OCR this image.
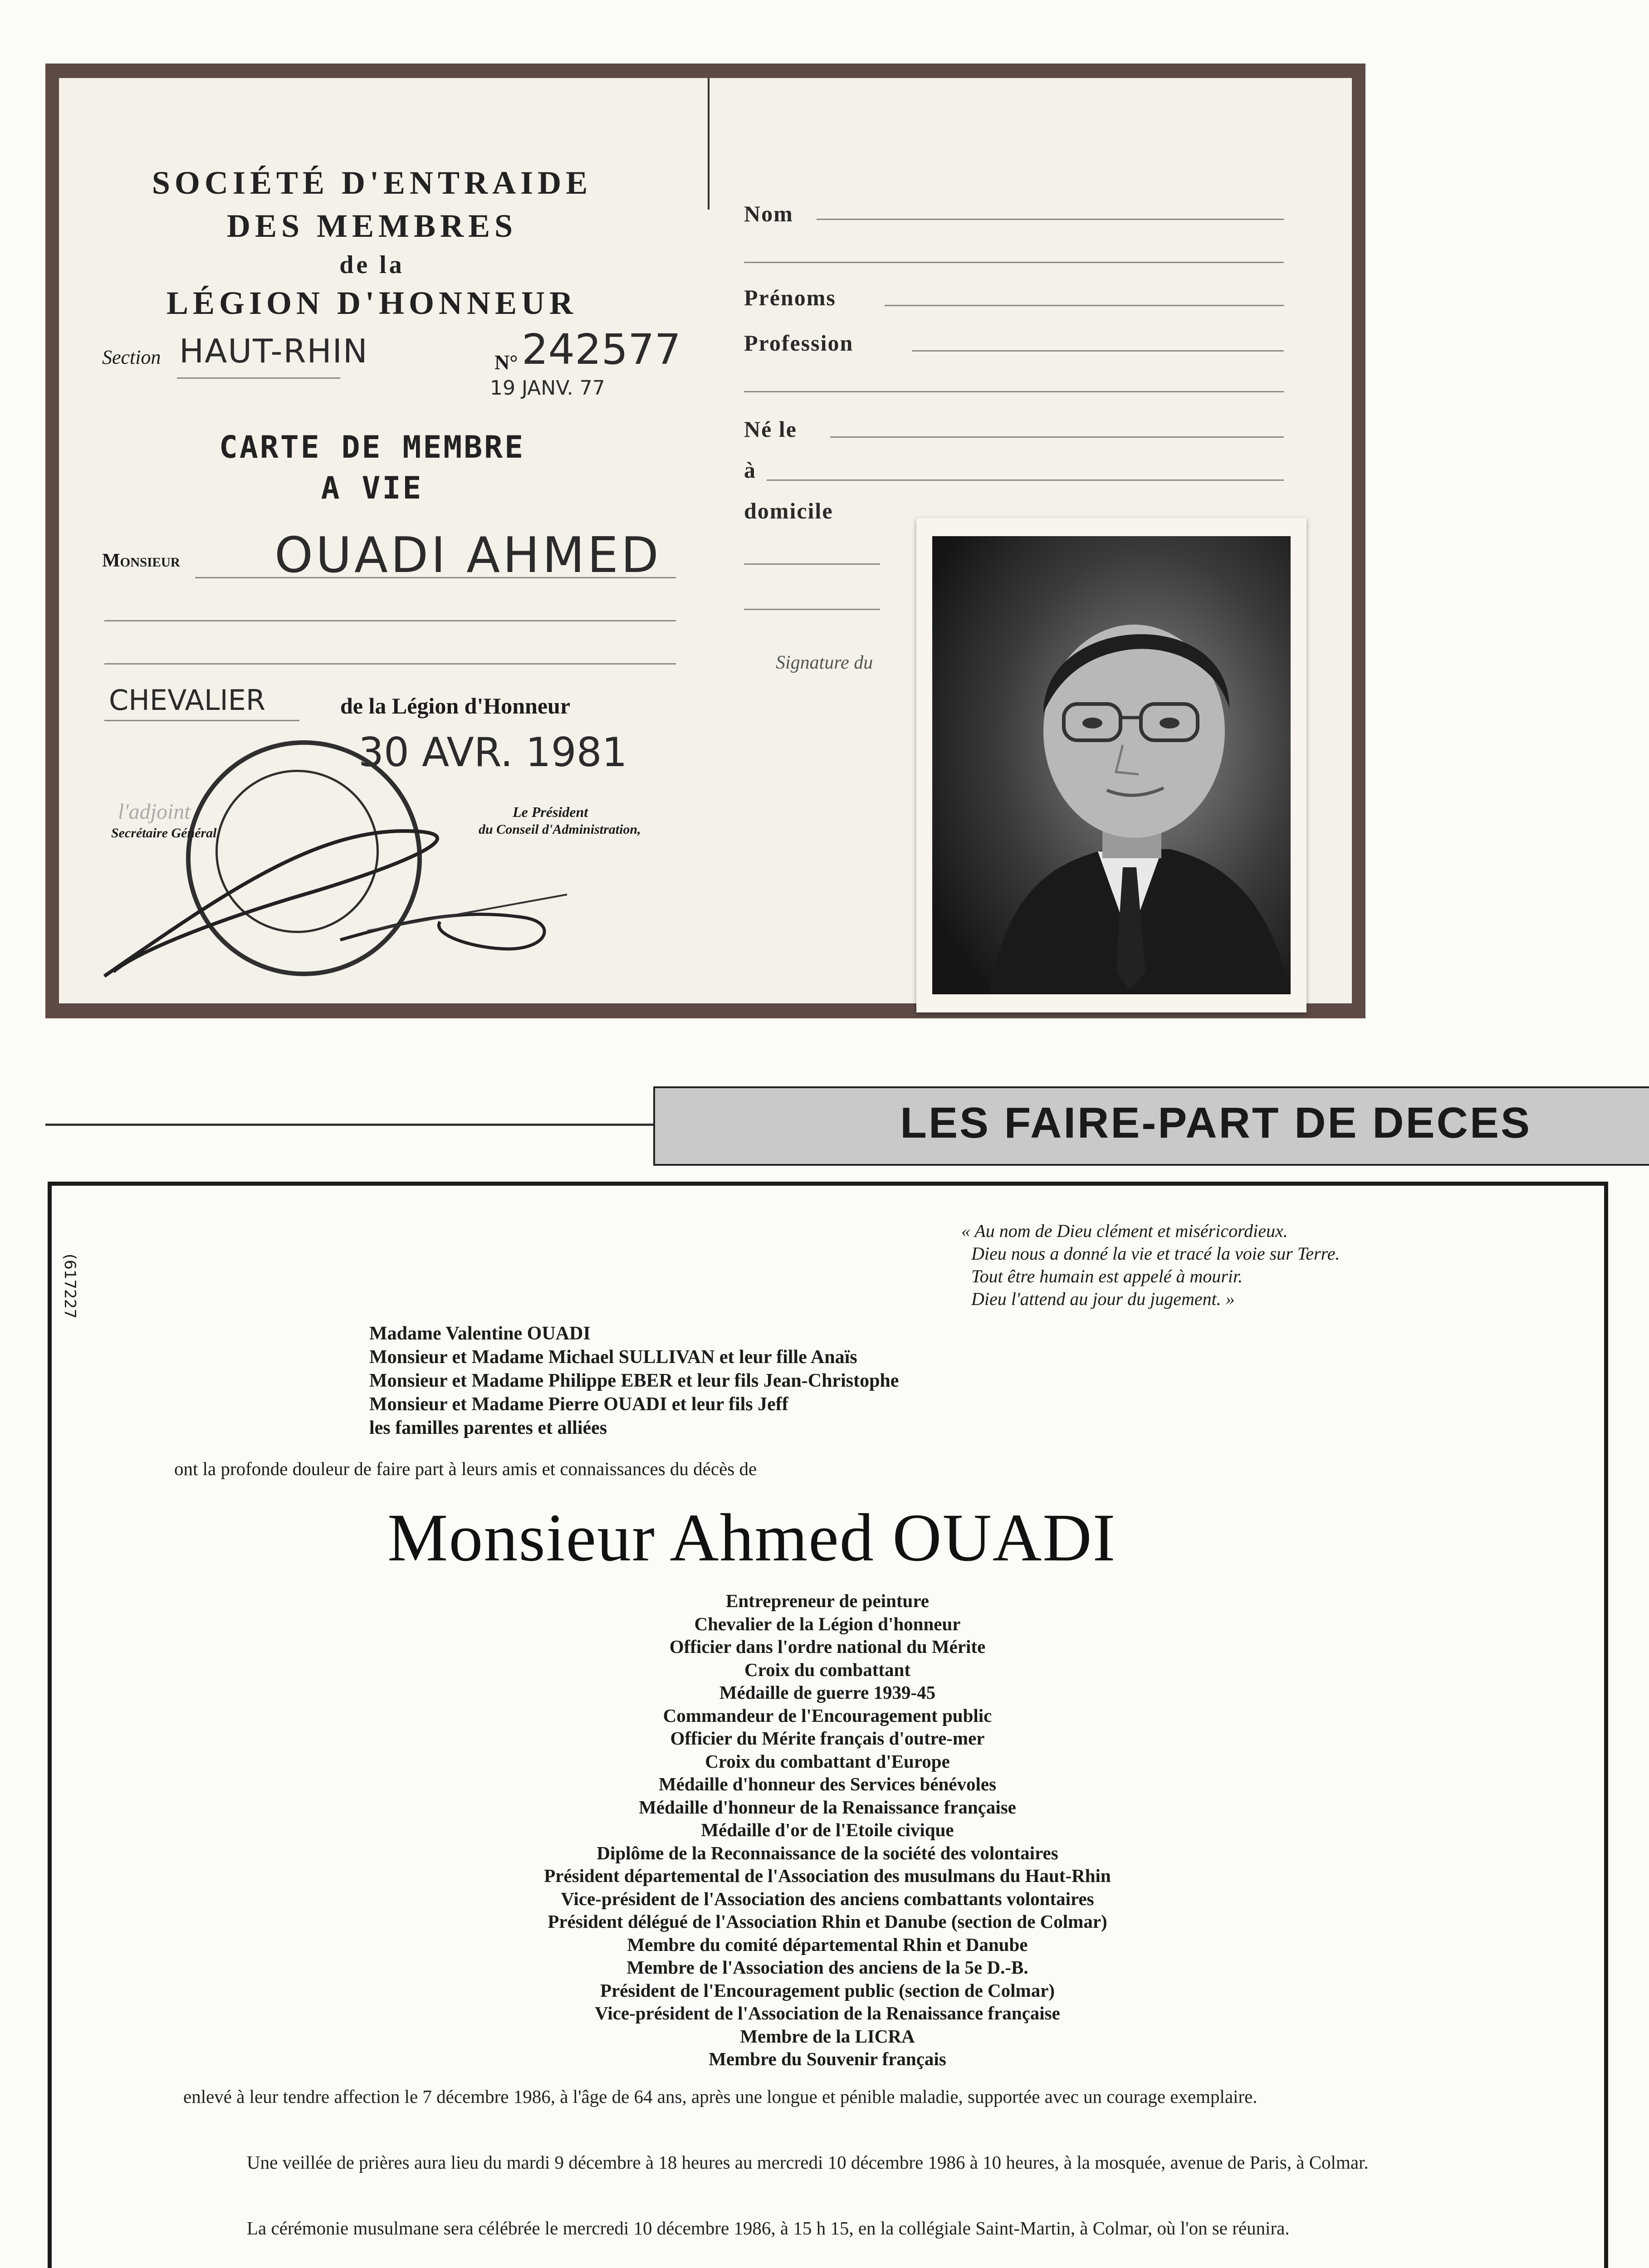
SOCIÉTÉ D'ENTRAIDE
DES MEMBRES
de la
LÉGION D'HONNEUR
Section HAUT-RHIN	N° 242577
19 JANV. 77
CARTE DE MEMBRE
A VIE
Monsieur OUADI AHMED
CHEVALIER	de la Légion d'Honneur
30 AVR. 1981
l'adjoint
Secrétaire Général
Le Président
du Conseil d'Administration,
Nom
Prénoms
Profession
Né le
à
domicile
Signature du
LES FAIRE-PART DE DECES
(617227
« Au nom de Dieu clément et miséricordieux.
Dieu nous a donné la vie et tracé la voie sur Terre.
Tout être humain est appelé à mourir.
Dieu l'attend au jour du jugement. »
Madame Valentine OUADI
Monsieur et Madame Michael SULLIVAN et leur fille Anaïs
Monsieur et Madame Philippe EBER et leur fils Jean-Christophe
Monsieur et Madame Pierre OUADI et leur fils Jeff
les familles parentes et alliées
ont la profonde douleur de faire part à leurs amis et connaissances du décès de
Monsieur Ahmed OUADI
Entrepreneur de peinture
Chevalier de la Légion d'honneur
Officier dans l'ordre national du Mérite
Croix du combattant
Médaille de guerre 1939-45
Commandeur de l'Encouragement public
Officier du Mérite français d'outre-mer
Croix du combattant d'Europe
Médaille d'honneur des Services bénévoles
Médaille d'honneur de la Renaissance française
Médaille d'or de l'Etoile civique
Diplôme de la Reconnaissance de la société des volontaires
Président départemental de l'Association des musulmans du Haut-Rhin
Vice-président de l'Association des anciens combattants volontaires
Président délégué de l'Association Rhin et Danube (section de Colmar)
Membre du comité départemental Rhin et Danube
Membre de l'Association des anciens de la 5e D.-B.
Président de l'Encouragement public (section de Colmar)
Vice-président de l'Association de la Renaissance française
Membre de la LICRA
Membre du Souvenir français
enlevé à leur tendre affection le 7 décembre 1986, à l'âge de 64 ans, après une longue et pénible maladie, supportée avec un courage exemplaire.
Une veillée de prières aura lieu du mardi 9 décembre à 18 heures au mercredi 10 décembre 1986 à 10 heures, à la mosquée, avenue de Paris, à Colmar.
La cérémonie musulmane sera célébrée le mercredi 10 décembre 1986, à 15 h 15, en la collégiale Saint-Martin, à Colmar, où l'on se réunira.
